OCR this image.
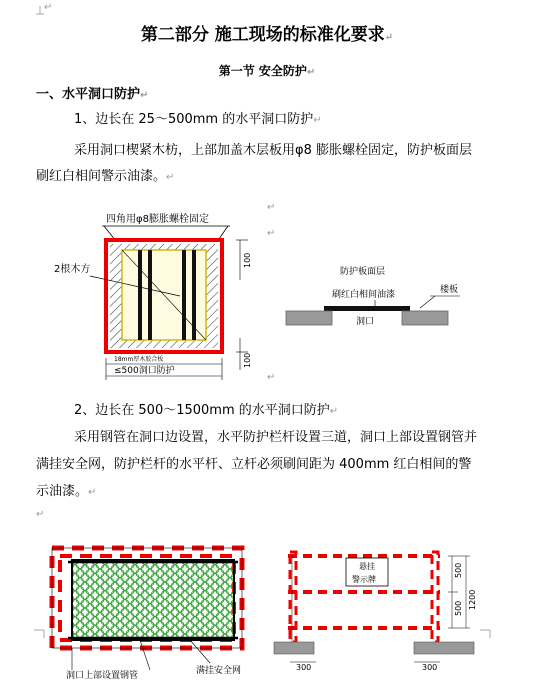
↵
第二部分 施工现场的标准化要求↵
第一节 安全防护↵
一、水平洞口防护↵
1、边长在 25～500mm 的水平洞口防护↵
采用洞口楔紧木枋，上部加盖木层板用φ8 膨胀螺栓固定，防护板面层
刷红白相间警示油漆。↵
四角用φ8膨胀螺栓固定
2根木方
100
100
18mm厚木胶合板
≤500洞口防护
↵
↵
↵
防护板面层
刷红白相间油漆	楼板
洞口
2、边长在 500～1500mm 的水平洞口防护↵
采用钢管在洞口边设置，水平防护栏杆设置三道，洞口上部设置钢管并
满挂安全网，防护栏杆的水平杆、立杆必须刷间距为 400mm 红白相间的警
示油漆。↵
↵
洞口上部设置钢管	满挂安全网
悬挂
警示牌
500
500 1200
300	300
